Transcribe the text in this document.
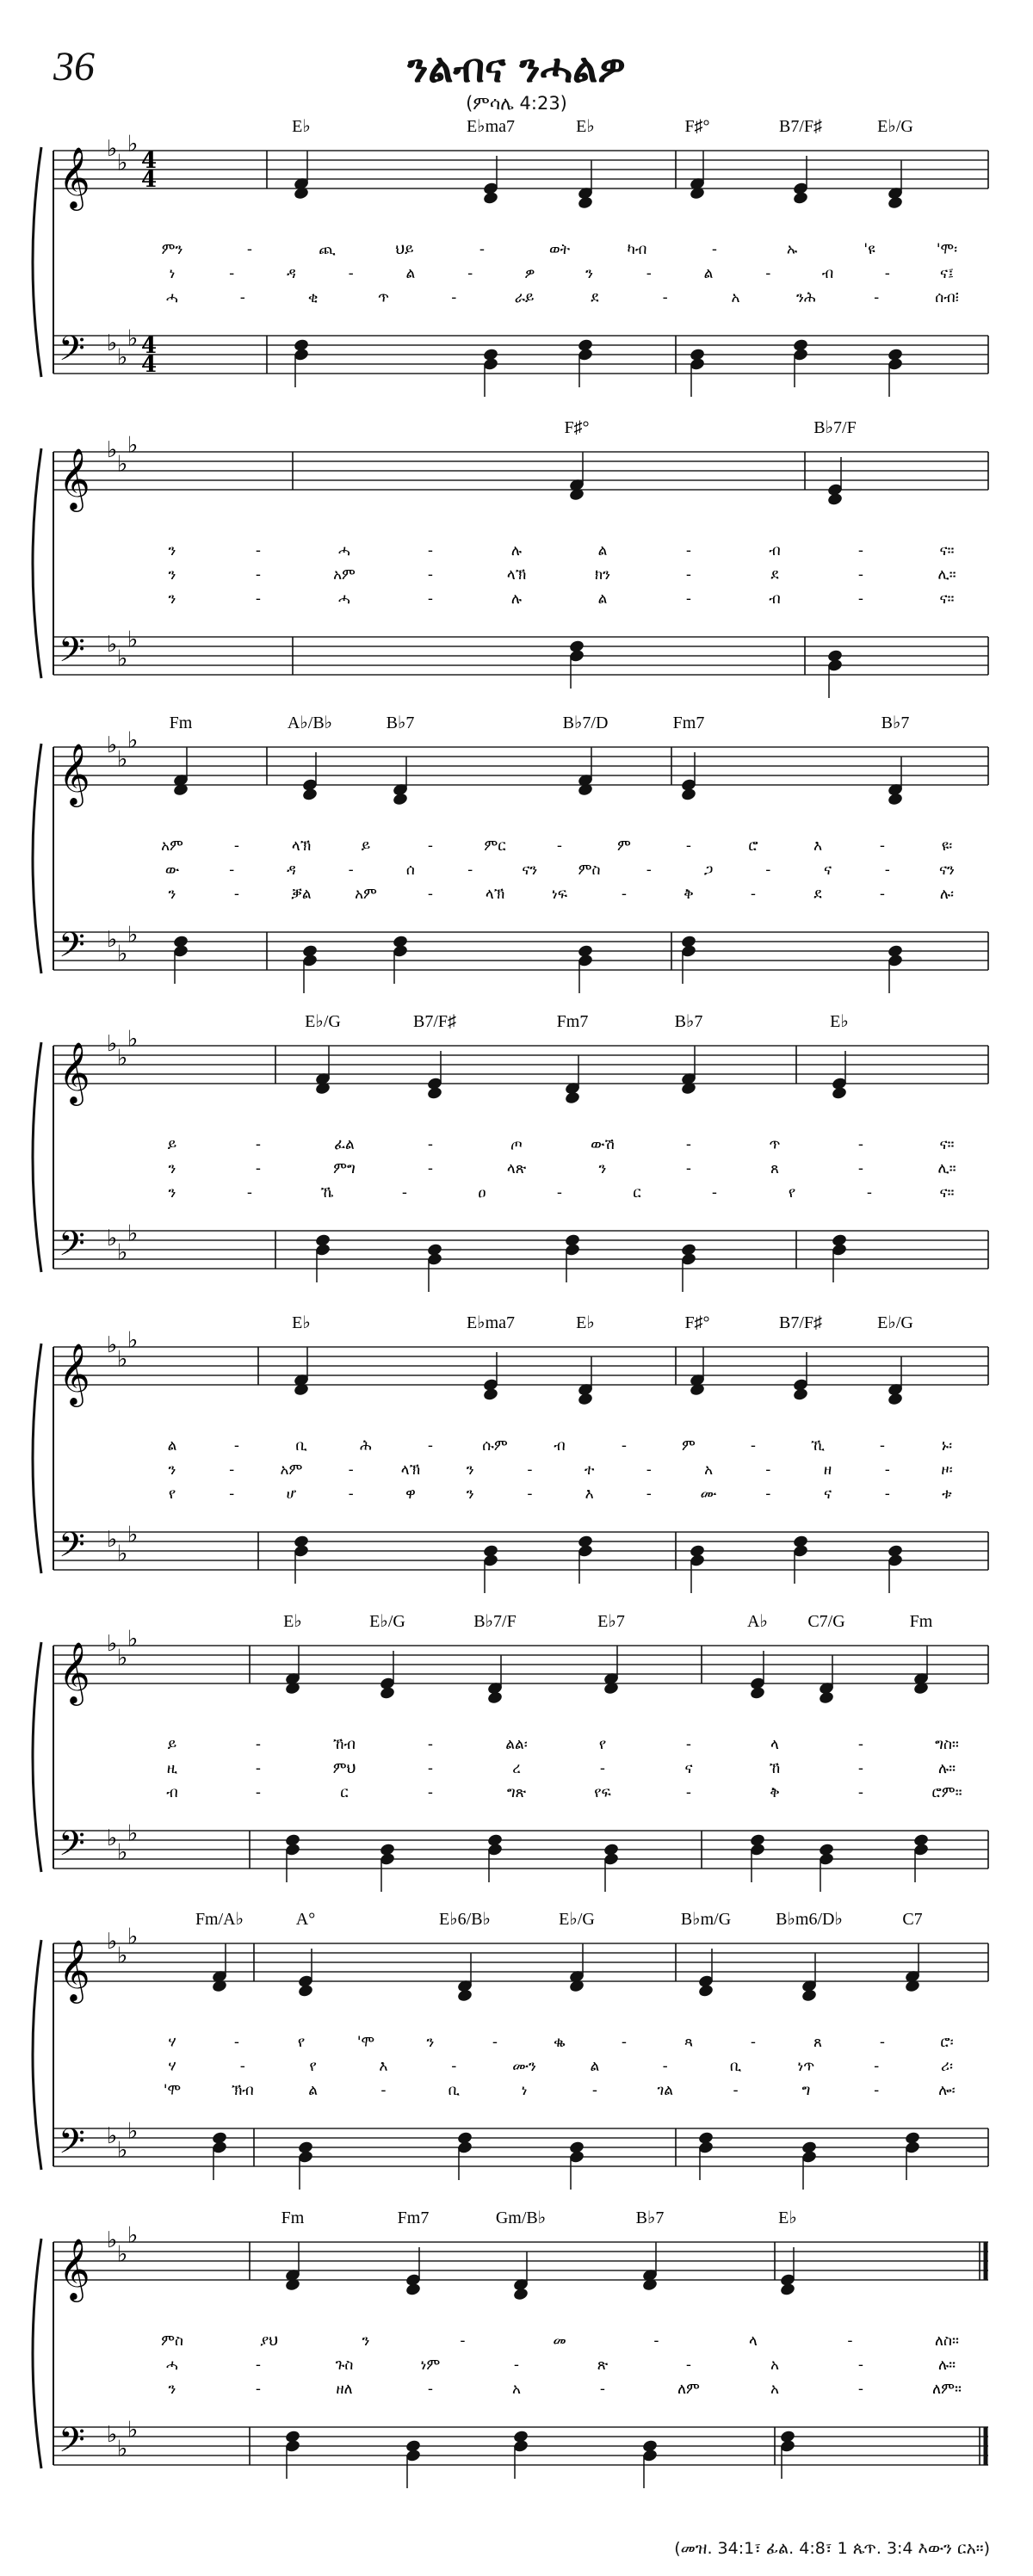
36	ንልብና ንሓልዎ
(ምሳሌ 4:23)
𝄞
𝄢
♭
♭
♭
♭
♭
♭
4
4
4
4
E♭	E♭ma7	E♭	F♯°	B7/F♯	E♭/G
ምን	-	ጪ	ህይ	-	ወት	ካብ	-	ኡ	'ዩ	'ሞ፡
ነ	-	ዳ	-	ል	-	ዎ	ን	-	ል	-	ብ	-	ና፤
ሓ	-	ቂ	ጥ	-	ራይ	ደ	-	አ	ንሕ	-	ሰብ፧
𝄞
𝄢
♭
♭
♭
♭
♭
♭
F♯°	B♭7/F
ን	-	ሓ	-	ሉ	ል	-	ብ	-	ና።
ን	-	አም	-	ላኽ	ክን	-	ደ	-	ሊ።
ን	-	ሓ	-	ሉ	ል	-	ብ	-	ና።
𝄞
𝄢
♭
♭
♭
♭
♭
♭
Fm	A♭/B♭	B♭7	B♭7/D	Fm7	B♭7
አም	-	ላኽ	ይ	-	ምር	-	ም	-	ሮ	እ	-	ዩ፡
ው	-	ዳ	-	ሰ	-	ናን	ምስ	-	ጋ	-	ና	-	ናን
ን	-	ቓል	አም	-	ላኽ	ነፍ	-	ቅ	-	ደ	-	ሉ፡
𝄞
𝄢
♭
♭
♭
♭
♭
♭
E♭/G	B7/F♯	Fm7	B♭7	E♭
ይ	-	ፈል	-	ጦ	ውሽ	-	ጥ	-	ና።
ን	-	ምግ	-	ላጽ	ን	-	ጸ	-	ሊ።
ን	-	ኼ	-	ዐ	-	ር	-	የ	-	ና።
𝄞
𝄢
♭
♭
♭
♭
♭
♭
E♭	E♭ma7	E♭	F♯°	B7/F♯	E♭/G
ል	-	ቢ	ሕ	-	ሱም	ብ	-	ም	-	ኺ	-	ኑ፡
ን	-	አም	-	ላኽ	ን	-	ተ	-	አ	-	ዘ	-	ዞ፡
የ	-	ሆ	-	ዋ	ን	-	እ	-	ሙ	-	ና	-	ቱ
𝄞
𝄢
♭
♭
♭
♭
♭
♭
E♭	E♭/G	B♭7/F	E♭7	A♭ C7/G	Fm
ይ	-	ኸብ	-	ልል፡	የ	-	ላ	-	ግስ።
ዚ	-	ምህ	-	ረ	-	ና	ኸ	-	ሉ።
ብ	-	ር	-	ግጽ	የፍ	-	ቅ	-	ሮም።
𝄞
𝄢
♭
♭
♭
♭
♭
♭
Fm/A♭	A°	E♭6/B♭	E♭/G	B♭m/G	B♭m6/D♭	C7
ሃ	-	የ	'ሞ	ን	-	ቈ	-	ጻ	-	ጸ	-	ሮ፡
ሃ	-	የ	እ	-	ሙን	ል	-	ቢ	ነጥ	-	ሪ፡
'ሞ	ኽብ	ል	-	ቢ	ነ	-	ገል	-	ግ	-	ሎ፡
𝄞
𝄢
♭
♭
♭
♭
♭
♭
Fm	Fm7	Gm/B♭	B♭7	E♭
ምስ	ያህ	ን	-	መ	-	ላ	-	ለስ።
ሓ	-	ጉስ	ነም	-	ጽ	-	አ	-	ሉ።
ን	-	ዘለ	-	አ	-	ለም	አ	-	ለም።
(መዝ. 34:1፣ ፊል. 4:8፣ 1 ጴጥ. 3:4 እውን ርአ።)
